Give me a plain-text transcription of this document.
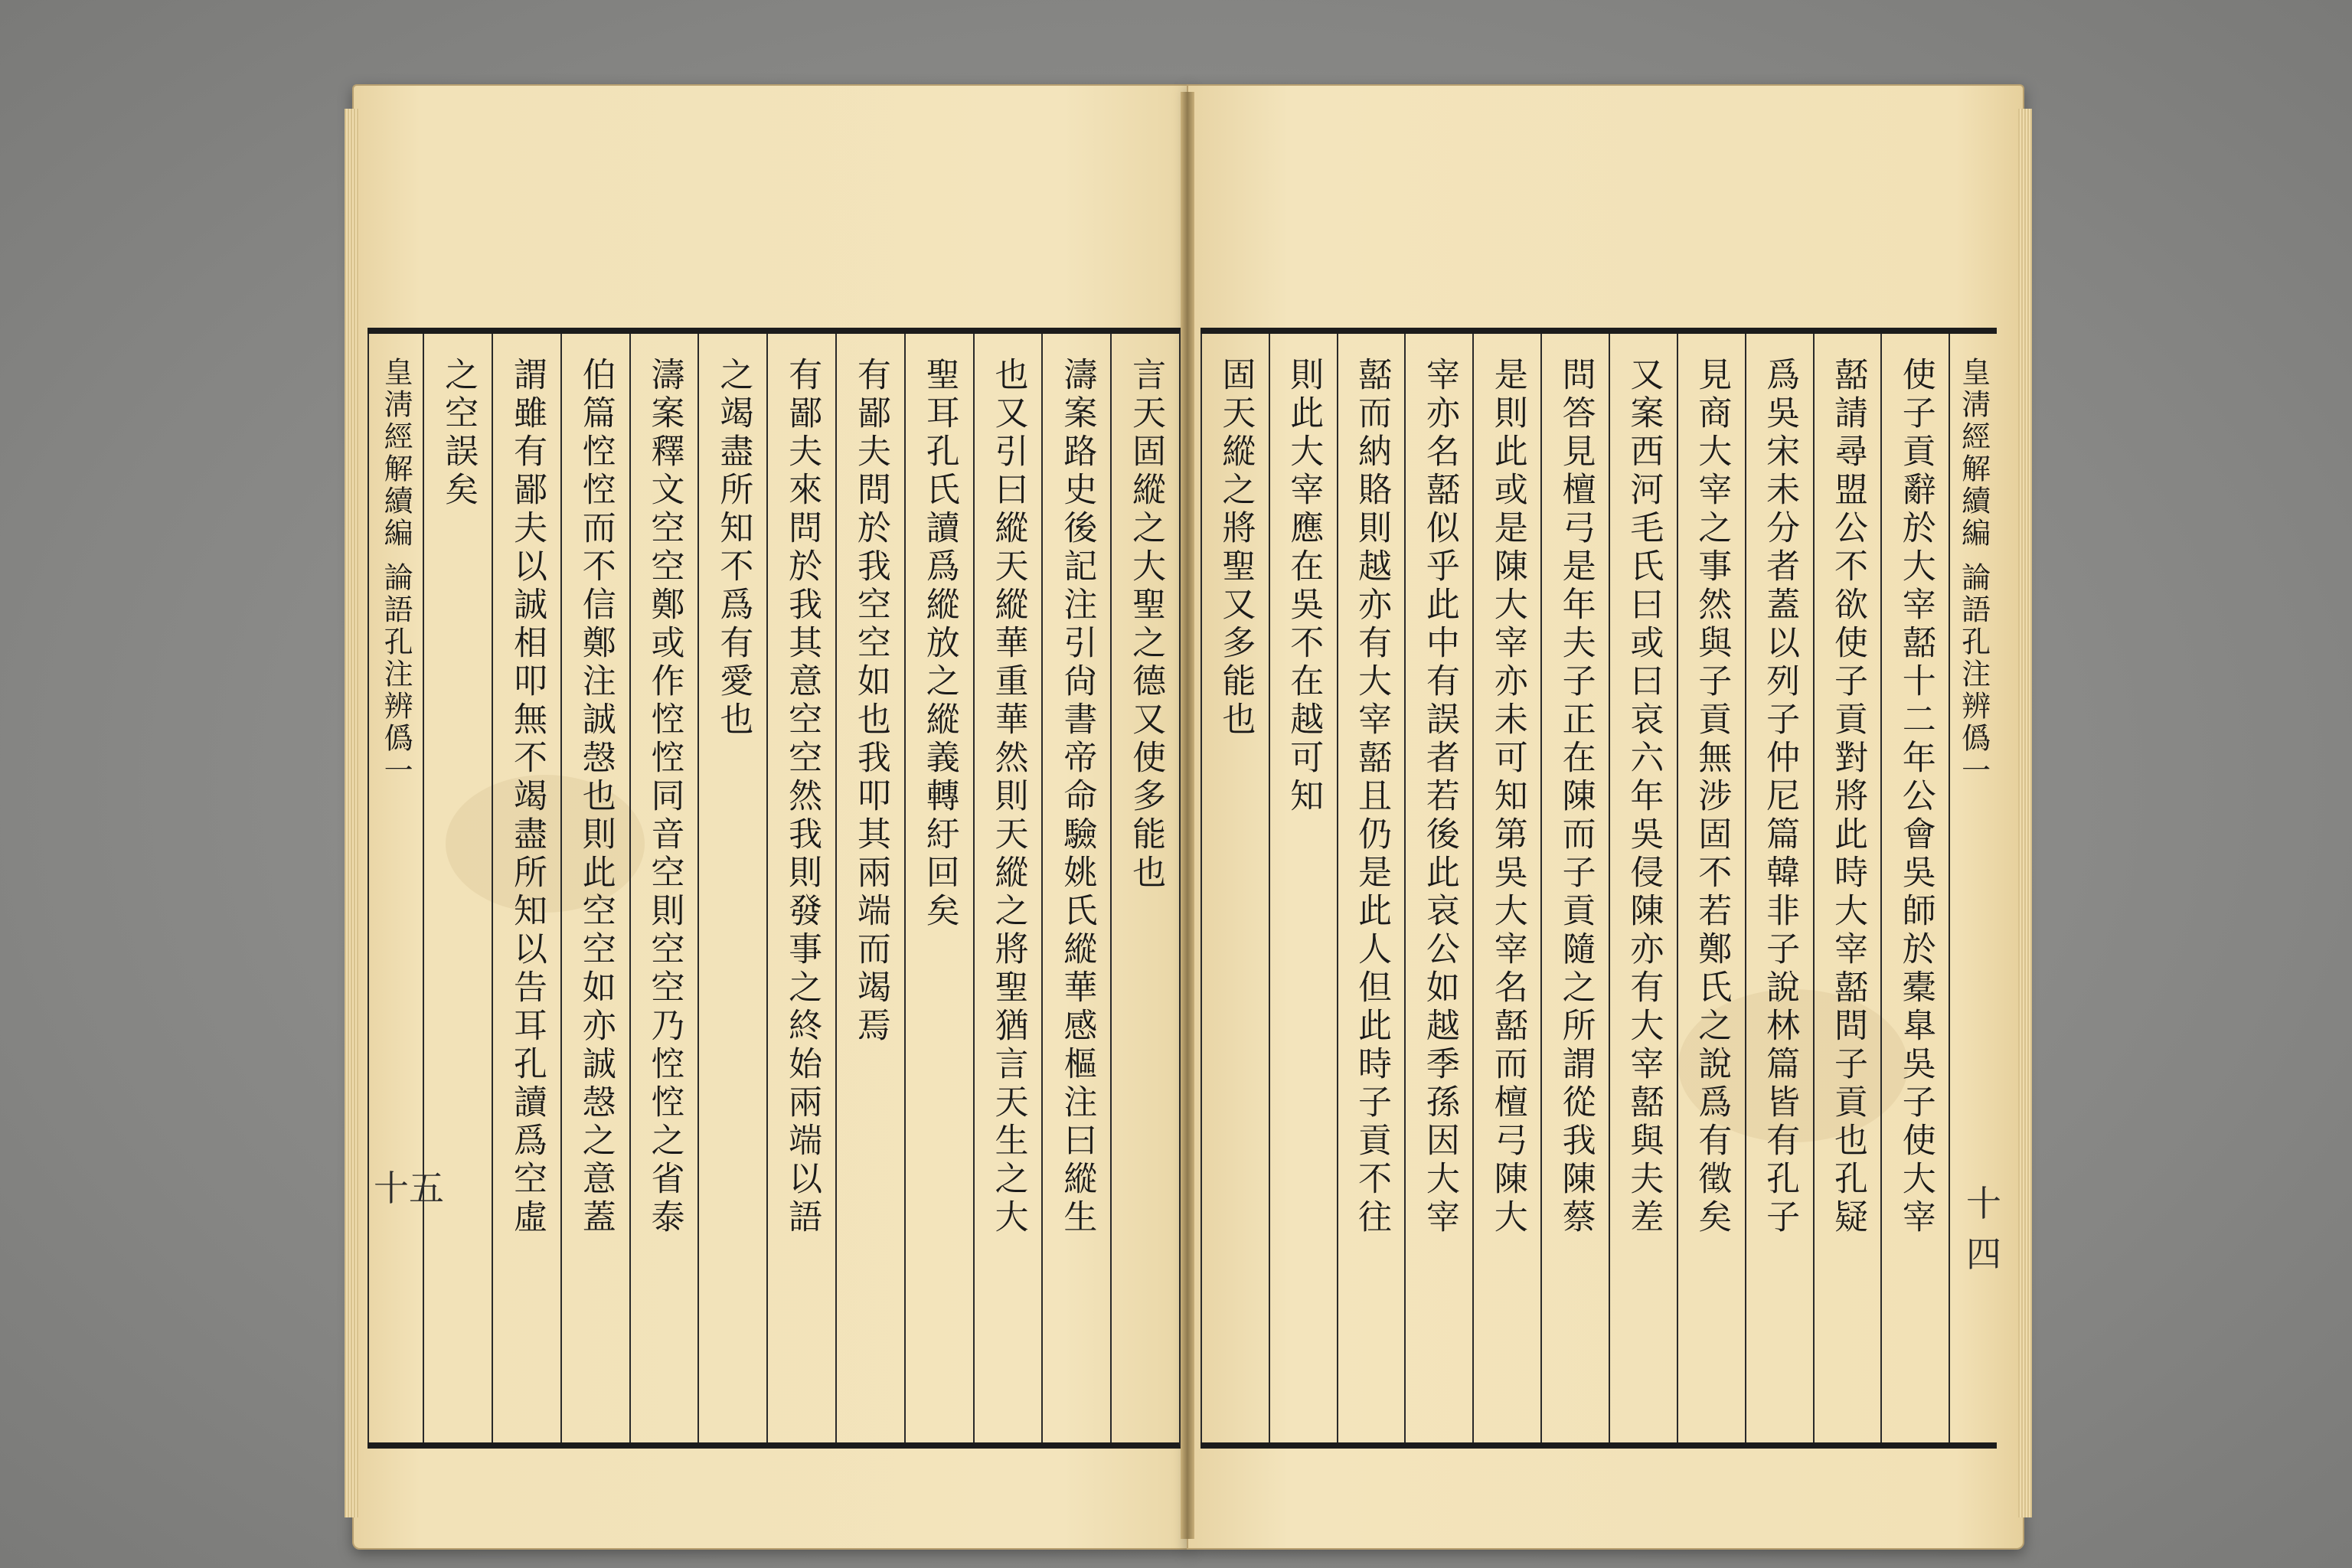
言天固縱之大聖之德又使多能也
濤案路史後記注引尙書帝命驗姚氏縱華感樞注曰縱生
也又引曰縱天縱華重華然則天縱之將聖猶言天生之大
聖耳孔氏讀爲縱放之縱義轉紆回矣
有鄙夫問於我空空如也我叩其兩端而竭焉
有鄙夫來問於我其意空空然我則發事之終始兩端以語
之竭盡所知不爲有愛也
濤案釋文空空鄭或作悾悾同音空則空空乃悾悾之省泰
伯篇悾悾而不信鄭注誠愨也則此空空如亦誠愨之意蓋
謂雖有鄙夫以誠相叩無不竭盡所知以告耳孔讀爲空虛
之空誤矣
皇淸經解續編 論語孔注辨僞一
十五
皇淸經解續編 論語孔注辨僞一
使子貢辭於大宰嚭十二年公會吳師於橐臯吳子使大宰
嚭請尋盟公不欲使子貢對將此時大宰嚭問子貢也孔疑
爲吳宋未分者蓋以列子仲尼篇韓非子說林篇皆有孔子
見商大宰之事然與子貢無涉固不若鄭氏之說爲有徵矣
又案西河毛氏曰或曰哀六年吳侵陳亦有大宰嚭與夫差
問答見檀弓是年夫子正在陳而子貢隨之所謂從我陳蔡
是則此或是陳大宰亦未可知第吳大宰名嚭而檀弓陳大
宰亦名嚭似乎此中有誤者若後此哀公如越季孫因大宰
嚭而納賂則越亦有大宰嚭且仍是此人但此時子貢不往
則此大宰應在吳不在越可知
固天縱之將聖又多能也
十四
